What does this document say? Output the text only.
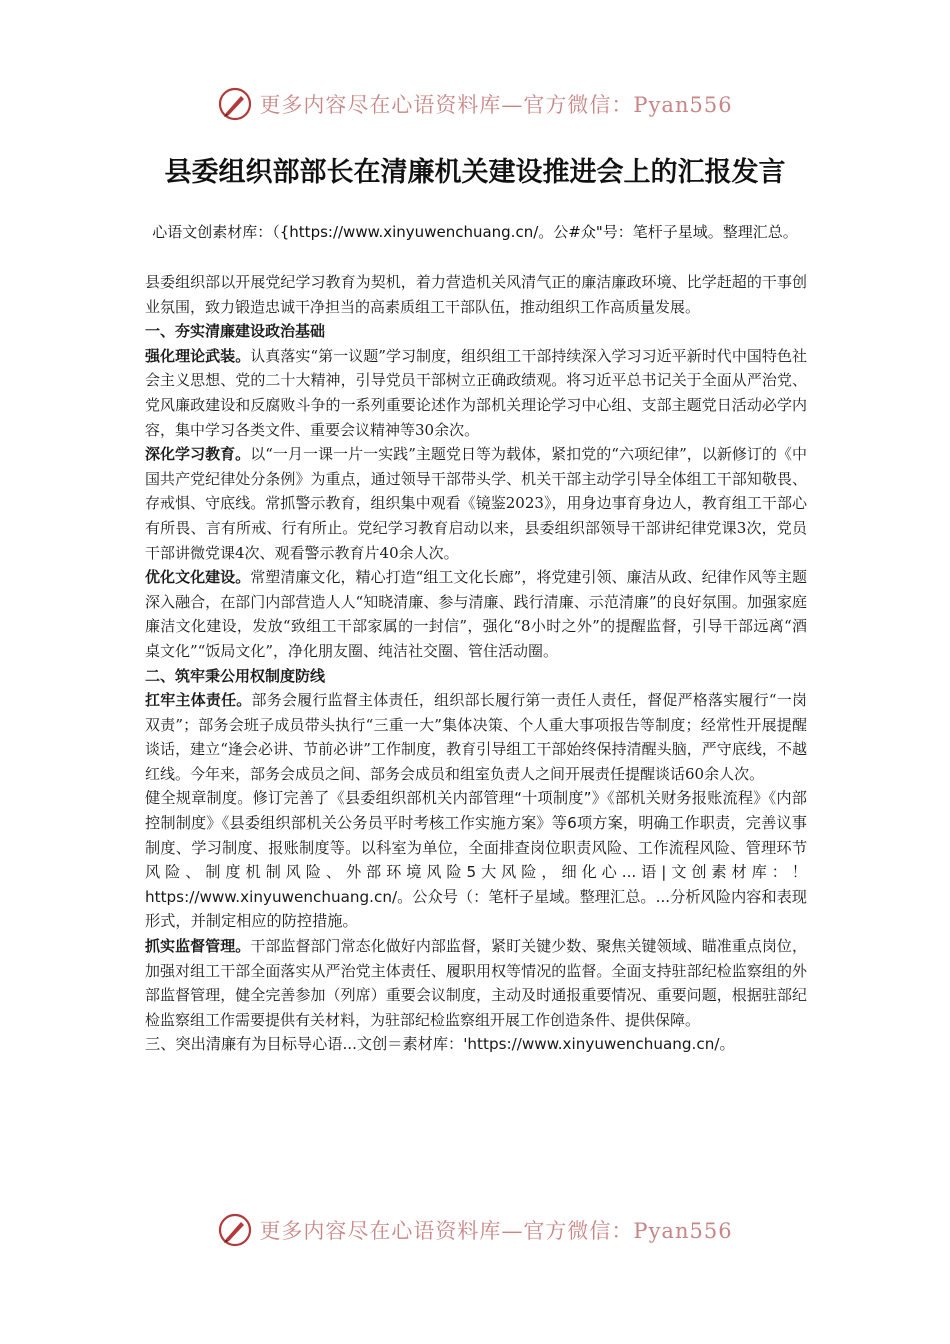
更多内容尽在心语资料库—官方微信：Pyan556
县委组织部部长在清廉机关建设推进会上的汇报发言
心语文创素材库：（{https://www.xinyuwenchuang.cn/。公#众"号：笔杆子星域。整理汇总。

县委组织部以开展党纪学习教育为契机，着力营造机关风清气正的廉洁廉政环境、比学赶超的干事创业氛围，致力锻造忠诚干净担当的高素质组工干部队伍，推动组织工作高质量发展。

一、夯实清廉建设政治基础

强化理论武装。认真落实“第一议题”学习制度，组织组工干部持续深入学习习近平新时代中国特色社会主义思想、党的二十大精神，引导党员干部树立正确政绩观。将习近平总书记关于全面从严治党、党风廉政建设和反腐败斗争的一系列重要论述作为部机关理论学习中心组、支部主题党日活动必学内容，集中学习各类文件、重要会议精神等30余次。

深化学习教育。以“一月一课一片一实践”主题党日等为载体，紧扣党的“六项纪律”，以新修订的《中国共产党纪律处分条例》为重点，通过领导干部带头学、机关干部主动学引导全体组工干部知敬畏、存戒惧、守底线。常抓警示教育，组织集中观看《镜鉴2023》，用身边事育身边人，教育组工干部心有所畏、言有所戒、行有所止。党纪学习教育启动以来，县委组织部领导干部讲纪律党课3次，党员干部讲微党课4次、观看警示教育片40余人次。

优化文化建设。常塑清廉文化，精心打造“组工文化长廊”，将党建引领、廉洁从政、纪律作风等主题深入融合，在部门内部营造人人“知晓清廉、参与清廉、践行清廉、示范清廉”的良好氛围。加强家庭廉洁文化建设，发放“致组工干部家属的一封信”，强化“8小时之外”的提醒监督，引导干部远离“酒桌文化”“饭局文化”，净化朋友圈、纯洁社交圈、管住活动圈。

二、筑牢秉公用权制度防线

扛牢主体责任。部务会履行监督主体责任，组织部长履行第一责任人责任，督促严格落实履行“一岗双责”；部务会班子成员带头执行“三重一大”集体决策、个人重大事项报告等制度；经常性开展提醒谈话，建立“逢会必讲、节前必讲”工作制度，教育引导组工干部始终保持清醒头脑，严守底线，不越红线。今年来，部务会成员之间、部务会成员和组室负责人之间开展责任提醒谈话60余人次。

健全规章制度。修订完善了《县委组织部机关内部管理“十项制度”》《部机关财务报账流程》《内部控制制度》《县委组织部机关公务员平时考核工作实施方案》等6项方案，明确工作职责，完善议事制度、学习制度、报账制度等。以科室为单位，全面排查岗位职责风险、工作流程风险、管理环节风险、制度机制风险、外部环境风险5大风险，细化心...语|文创素材库：！https://www.xinyuwenchuang.cn/。公众号（：笔杆子星域。整理汇总。...分析风险内容和表现形式，并制定相应的防控措施。

抓实监督管理。干部监督部门常态化做好内部监督，紧盯关键少数、聚焦关键领域、瞄准重点岗位，加强对组工干部全面落实从严治党主体责任、履职用权等情况的监督。全面支持驻部纪检监察组的外部监督管理，健全完善参加（列席）重要会议制度，主动及时通报重要情况、重要问题，根据驻部纪检监察组工作需要提供有关材料，为驻部纪检监察组开展工作创造条件、提供保障。

三、突出清廉有为目标导心语...文创＝素材库：'https://www.xinyuwenchuang.cn/。

更多内容尽在心语资料库—官方微信：Pyan556
